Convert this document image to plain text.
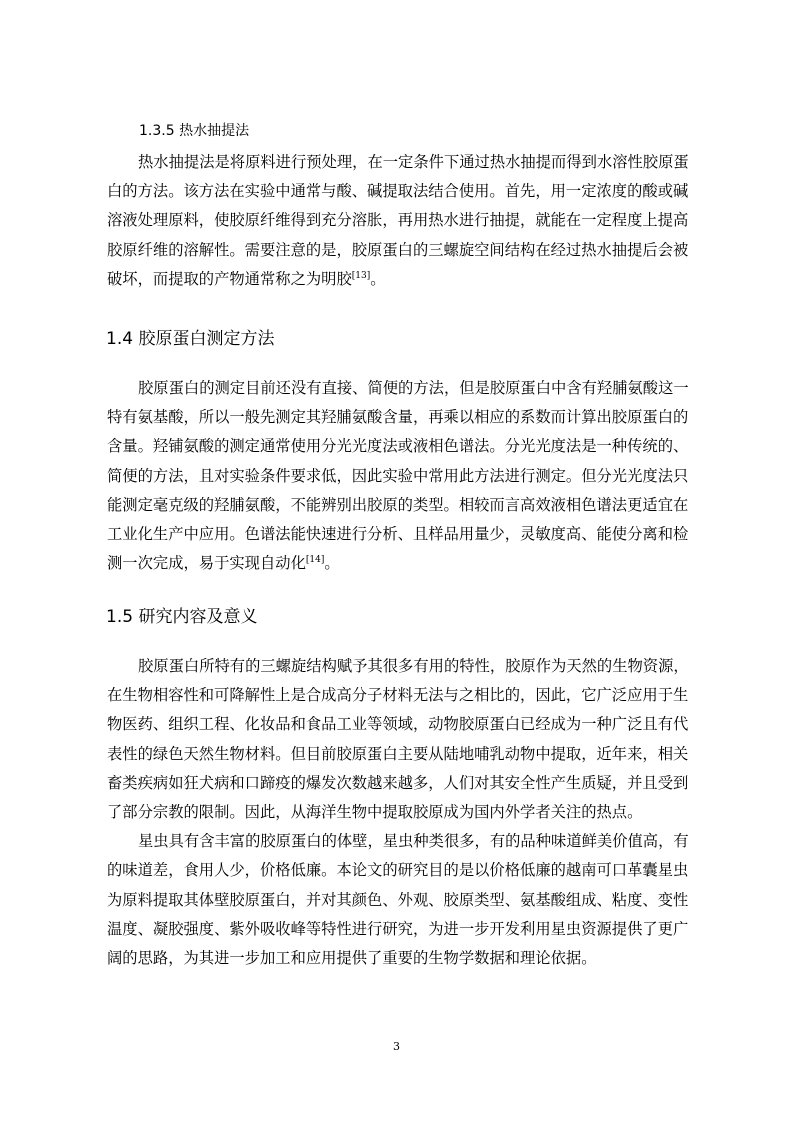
1.3.5 热水抽提法
热水抽提法是将原料进行预处理，在一定条件下通过热水抽提而得到水溶性胶原蛋
白的方法。该方法在实验中通常与酸、碱提取法结合使用。首先，用一定浓度的酸或碱
溶液处理原料，使胶原纤维得到充分溶胀，再用热水进行抽提，就能在一定程度上提高
胶原纤维的溶解性。需要注意的是，胶原蛋白的三螺旋空间结构在经过热水抽提后会被
破坏，而提取的产物通常称之为明胶[13]。
1.4 胶原蛋白测定方法
胶原蛋白的测定目前还没有直接、简便的方法，但是胶原蛋白中含有羟脯氨酸这一
特有氨基酸，所以一般先测定其羟脯氨酸含量，再乘以相应的系数而计算出胶原蛋白的
含量。羟铺氨酸的测定通常使用分光光度法或液相色谱法。分光光度法是一种传统的、
简便的方法，且对实验条件要求低，因此实验中常用此方法进行测定。但分光光度法只
能测定毫克级的羟脯氨酸，不能辨别出胶原的类型。相较而言高效液相色谱法更适宜在
工业化生产中应用。色谱法能快速进行分析、且样品用量少，灵敏度高、能使分离和检
测一次完成，易于实现自动化[14]。
1.5 研究内容及意义
胶原蛋白所特有的三螺旋结构赋予其很多有用的特性，胶原作为天然的生物资源，
在生物相容性和可降解性上是合成高分子材料无法与之相比的，因此，它广泛应用于生
物医药、组织工程、化妆品和食品工业等领域，动物胶原蛋白已经成为一种广泛且有代
表性的绿色天然生物材料。但目前胶原蛋白主要从陆地哺乳动物中提取，近年来，相关
畜类疾病如狂犬病和口蹄疫的爆发次数越来越多，人们对其安全性产生质疑，并且受到
了部分宗教的限制。因此，从海洋生物中提取胶原成为国内外学者关注的热点。
星虫具有含丰富的胶原蛋白的体壁，星虫种类很多，有的品种味道鲜美价值高，有
的味道差，食用人少，价格低廉。本论文的研究目的是以价格低廉的越南可口革囊星虫
为原料提取其体壁胶原蛋白，并对其颜色、外观、胶原类型、氨基酸组成、粘度、变性
温度、凝胶强度、紫外吸收峰等特性进行研究，为进一步开发利用星虫资源提供了更广
阔的思路，为其进一步加工和应用提供了重要的生物学数据和理论依据。
3
